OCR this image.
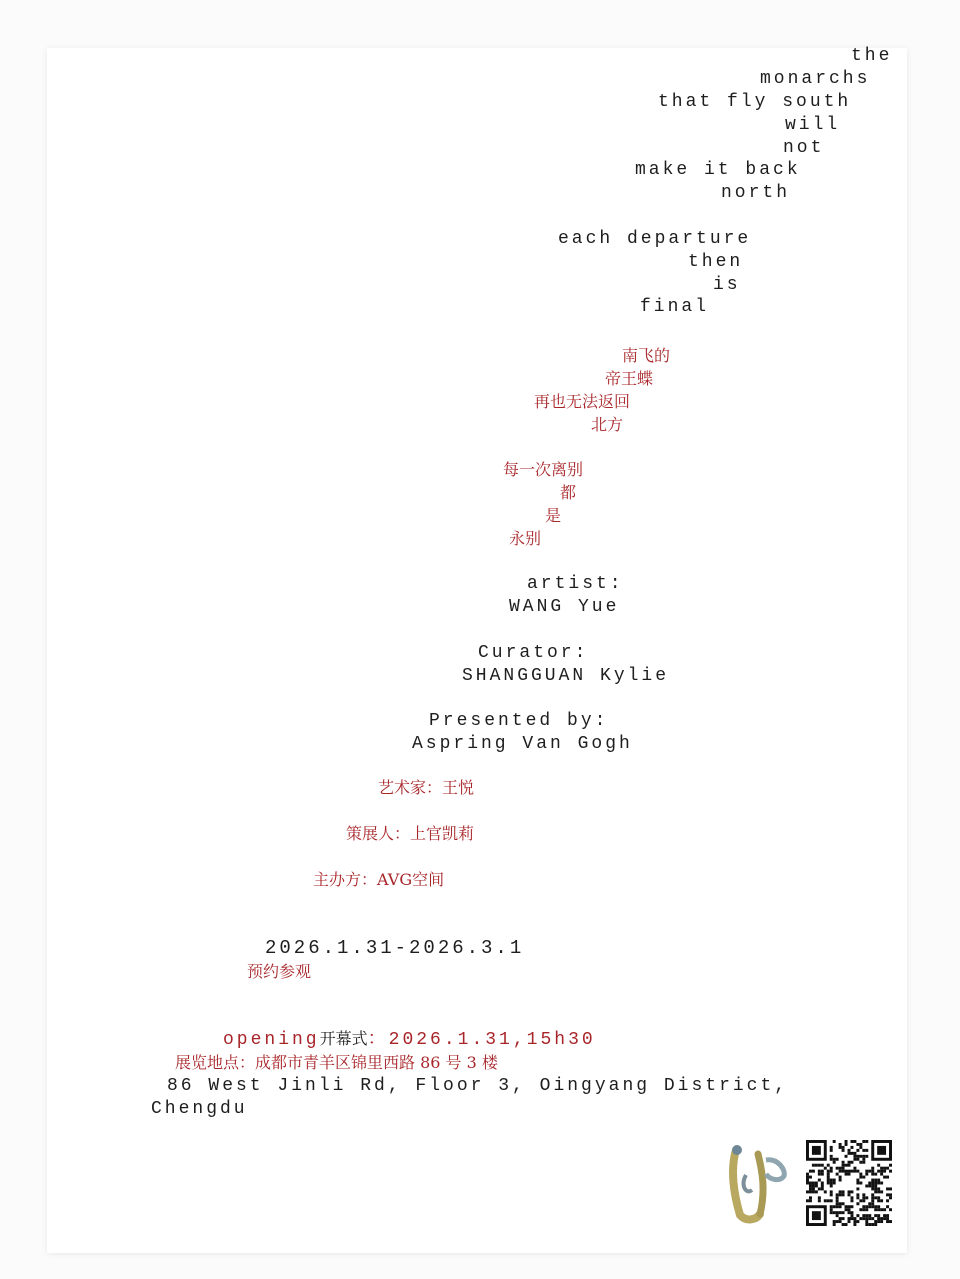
the
monarchs
that fly south
will
not
make it back
north
each departure
then
is
final
南飞的
帝王蝶
再也无法返回
北方
每一次离别
都
是
永别
artist:
WANG Yue
Curator:
SHANGGUAN Kylie
Presented by:
Aspring Van Gogh
艺术家：王悦
策展人：上官凯莉
主办方：AVG空间
2026.1.31-2026.3.1
预约参观

opening开幕式：2026.1.31,15h30

展览地点：成都市青羊区锦里西路 86 号 3 楼
86 West Jinli Rd, Floor 3, Oingyang District,
Chengdu
